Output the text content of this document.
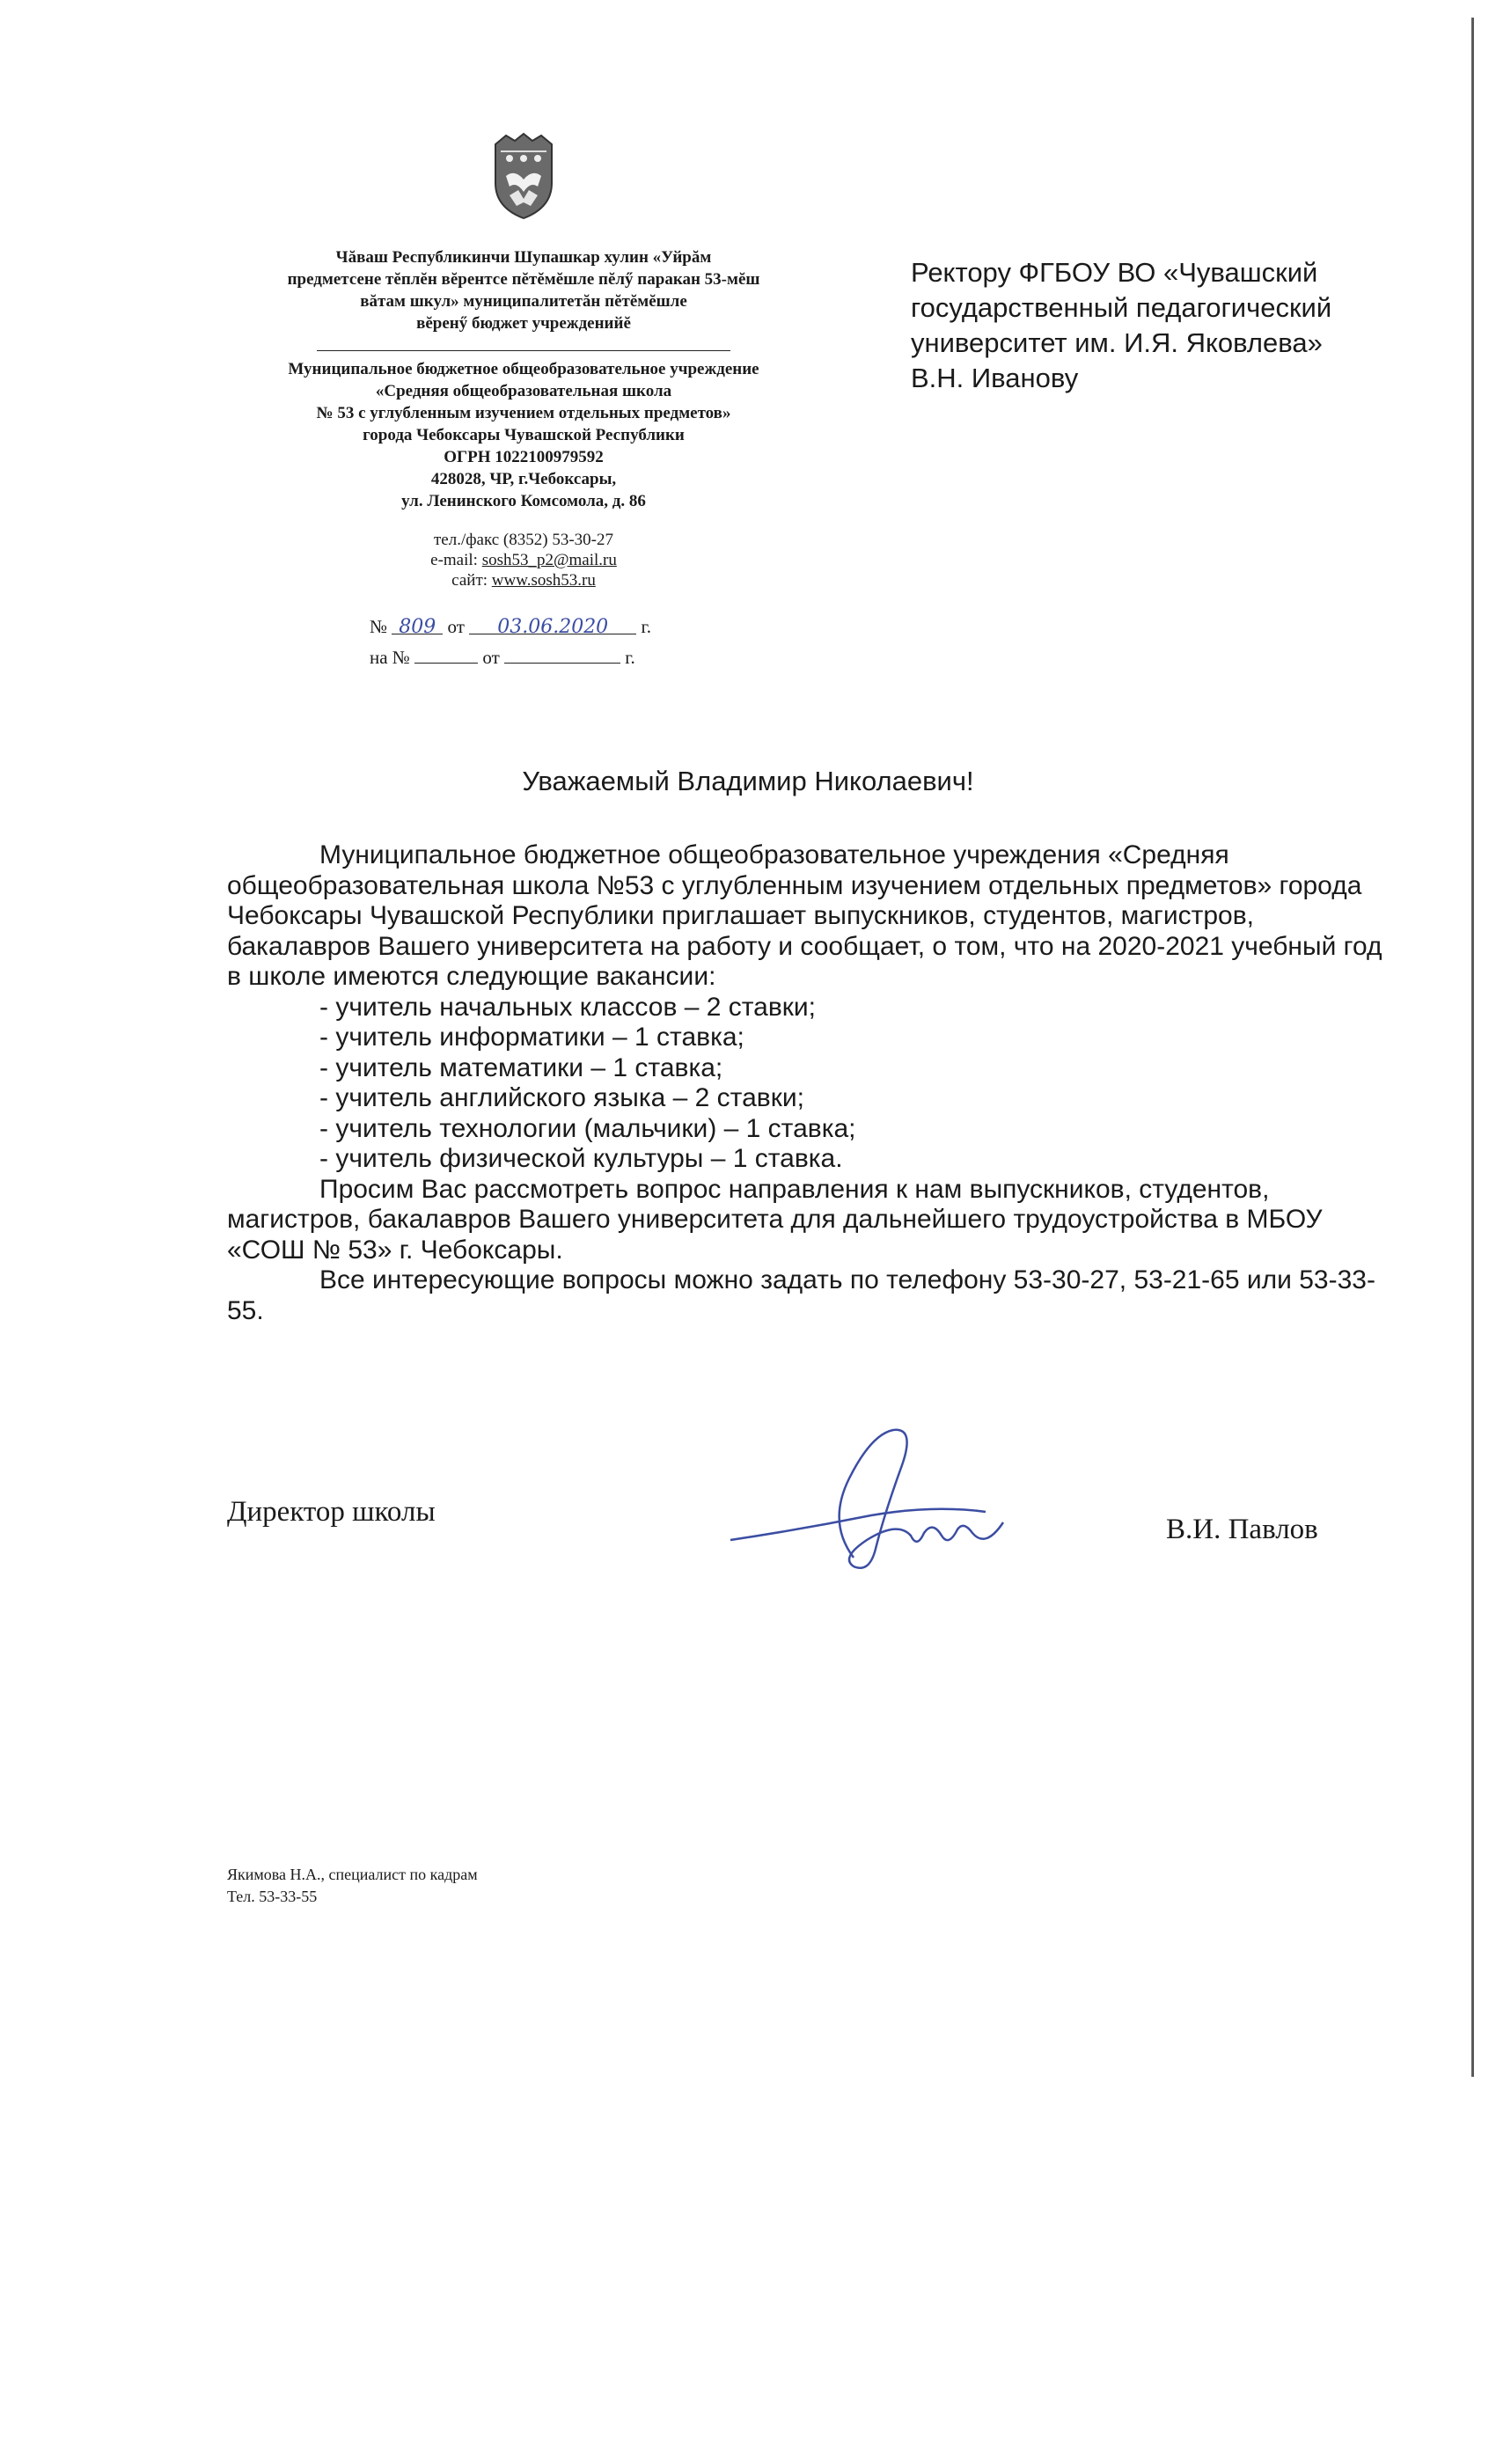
Чăваш Республикинчи Шупашкар хулин «Уйрăм
предметсене тĕплĕн вĕрентсе пĕтĕмĕшле пĕлӳ паракан 53-мĕш
вăтам шкул» муниципалитетăн пĕтĕмĕшле
вĕренӳ бюджет учрежденийĕ
Муниципальное бюджетное общеобразовательное учреждение
«Средняя общеобразовательная школа
№ 53 с углубленным изучением отдельных предметов»
города Чебоксары Чувашской Республики
ОГРН 1022100979592
428028, ЧР, г.Чебоксары,
ул. Ленинского Комсомола, д. 86
тел./факс (8352) 53-30-27
e-mail: sosh53_p2@mail.ru
сайт: www.sosh53.ru
№ 809 от 03.06.2020 г.
на №	от	г.
Ректору ФГБОУ ВО «Чувашский
государственный педагогический
университет им. И.Я. Яковлева»
В.Н. Иванову
Уважаемый Владимир Николаевич!

Муниципальное бюджетное общеобразовательное учреждения «Средняя общеобразовательная школа №53 с углубленным изучением отдельных предметов» города Чебоксары Чувашской Республики приглашает выпускников, студентов, магистров, бакалавров Вашего университета на работу и сообщает, о том, что на 2020-2021 учебный год в школе имеются следующие вакансии:

- учитель начальных классов – 2 ставки;

- учитель информатики – 1 ставка;

- учитель математики – 1 ставка;

- учитель английского языка – 2 ставки;

- учитель технологии (мальчики) – 1 ставка;

- учитель физической культуры – 1 ставка.

Просим Вас рассмотреть вопрос направления к нам выпускников, студентов, магистров, бакалавров Вашего университета для дальнейшего трудоустройства в МБОУ «СОШ № 53» г. Чебоксары.

Все интересующие вопросы можно задать по телефону 53-30-27, 53-21-65 или 53-33-55.

Директор школы
В.И. Павлов
Якимова Н.А., специалист по кадрам
Тел. 53-33-55
